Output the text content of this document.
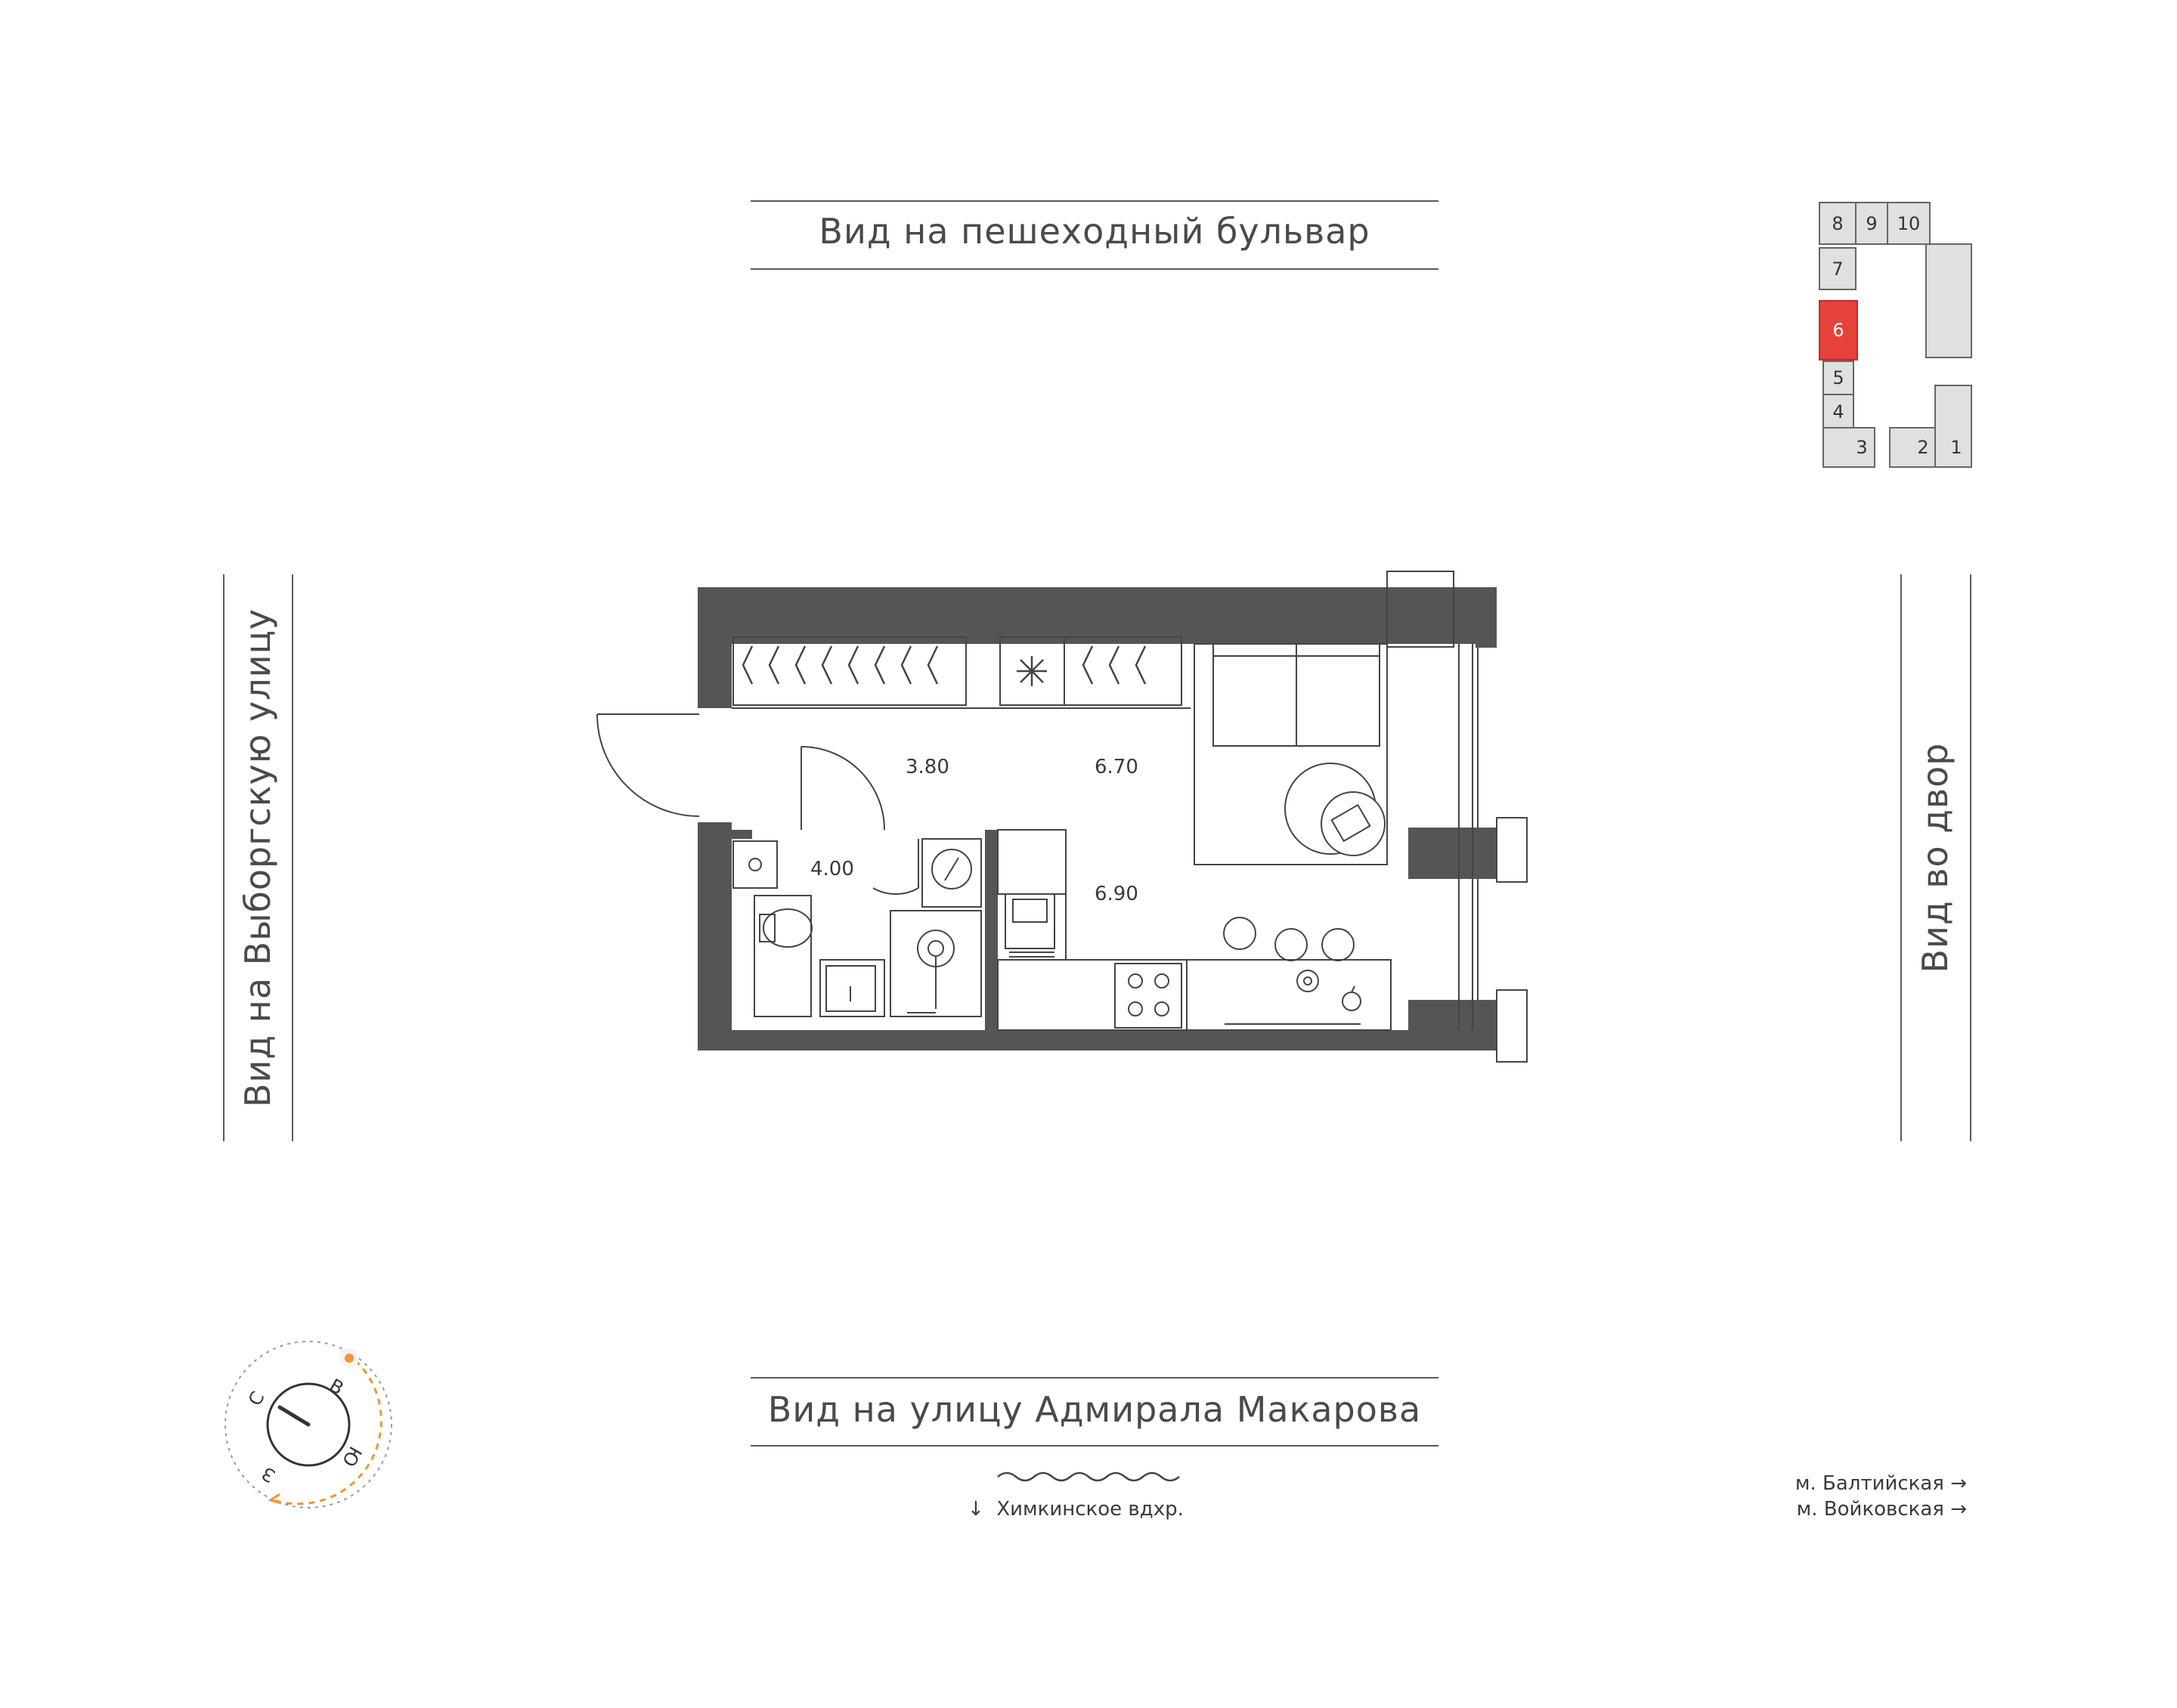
Вид на пешеходный бульвар
Вид на улицу Адмирала Макарова
Вид на Выборгскую улицу	Вид во двор
3.80	6.70
4.00
6.90
8 9 10
7
6
5
4
3	2 1
С	В
Ю
З
↓ Химкинское вдхр.
м. Балтийская →
м. Войковская →
